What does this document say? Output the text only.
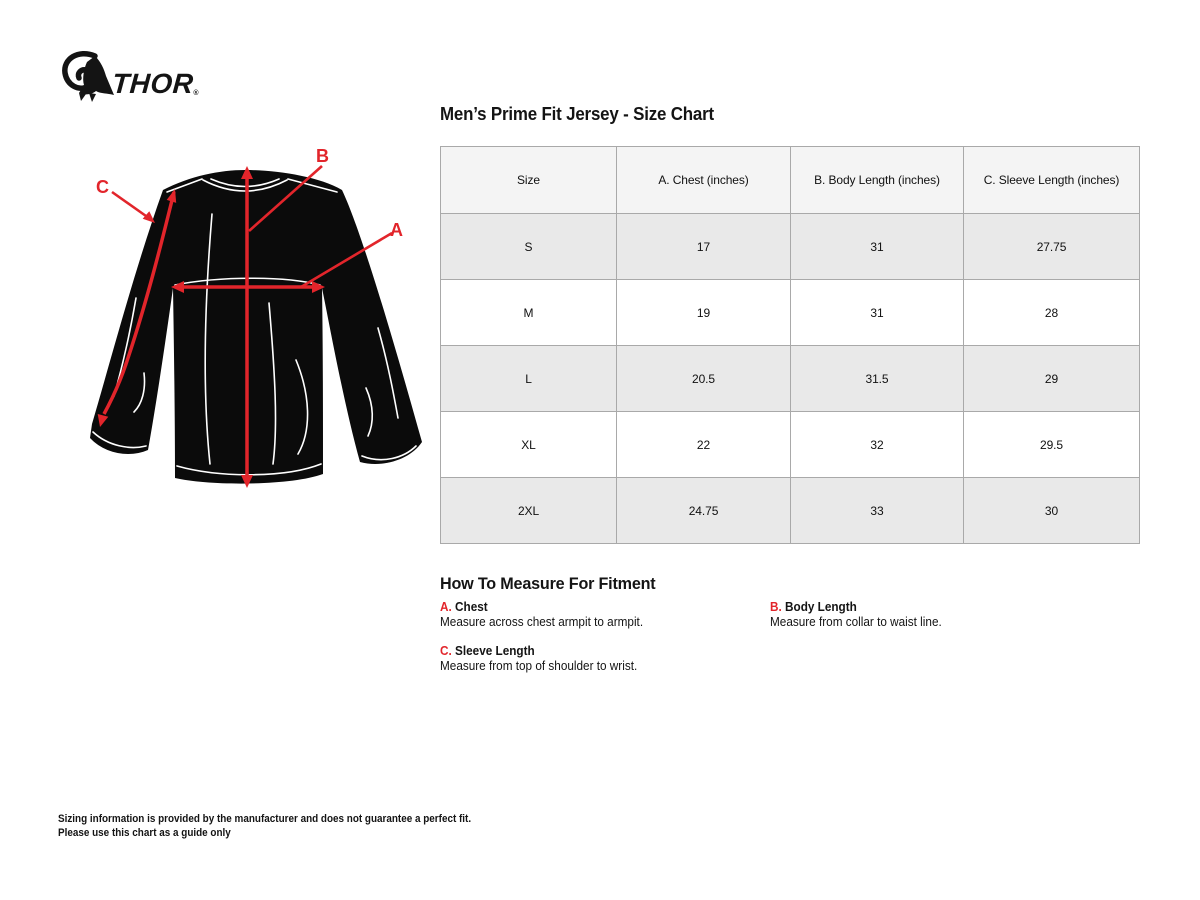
THOR
®
A
B
C
Men’s Prime Fit Jersey - Size Chart
Size	A. Chest (inches)	B. Body Length (inches)	C. Sleeve Length (inches)
S	17	31	27.75
M	19	31	28
L	20.5	31.5	29
XL	22	32	29.5
2XL	24.75	33	30
How To Measure For Fitment

A. Chest

Measure across chest armpit to armpit.

B. Body Length

Measure from collar to waist line.

C. Sleeve Length

Measure from top of shoulder to wrist.

Sizing information is provided by the manufacturer and does not guarantee a perfect fit.
Please use this chart as a guide only
